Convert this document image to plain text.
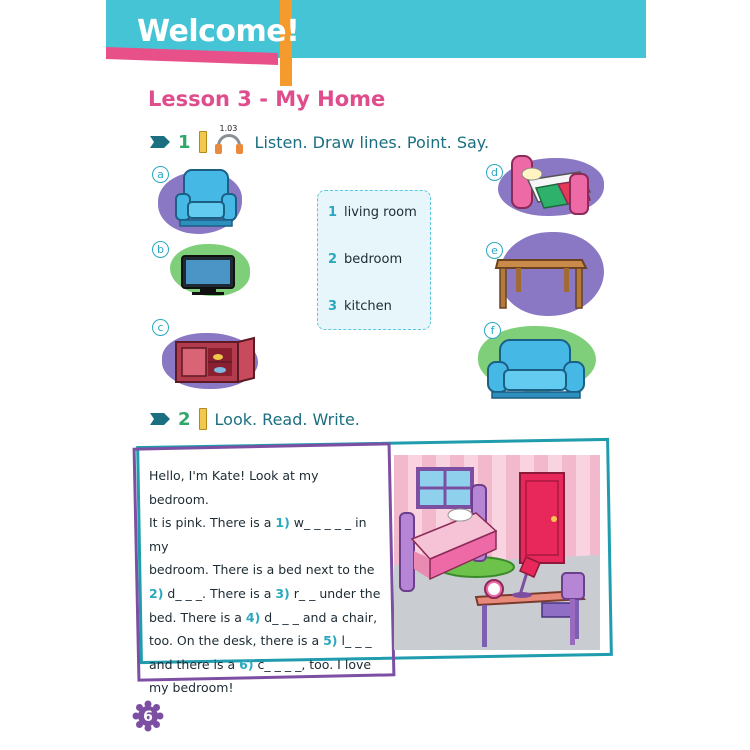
Welcome!
Lesson 3 - My Home
1
1.03
Listen. Draw lines. Point. Say.
a
b
c
1 living room
2 bedroom
3 kitchen
d
e
f
2 Look. Read. Write.
Hello, I'm Kate! Look at my bedroom.
It is pink. There is a 1) w_ _ _ _ _ in my
bedroom. There is a bed next to the
2) d_ _ _. There is a 3) r_ _ under the
bed. There is a 4) d_ _ _ and a chair,
too. On the desk, there is a 5) l_ _ _
and there is a 6) c_ _ _ _, too. I love
my bedroom!
6
